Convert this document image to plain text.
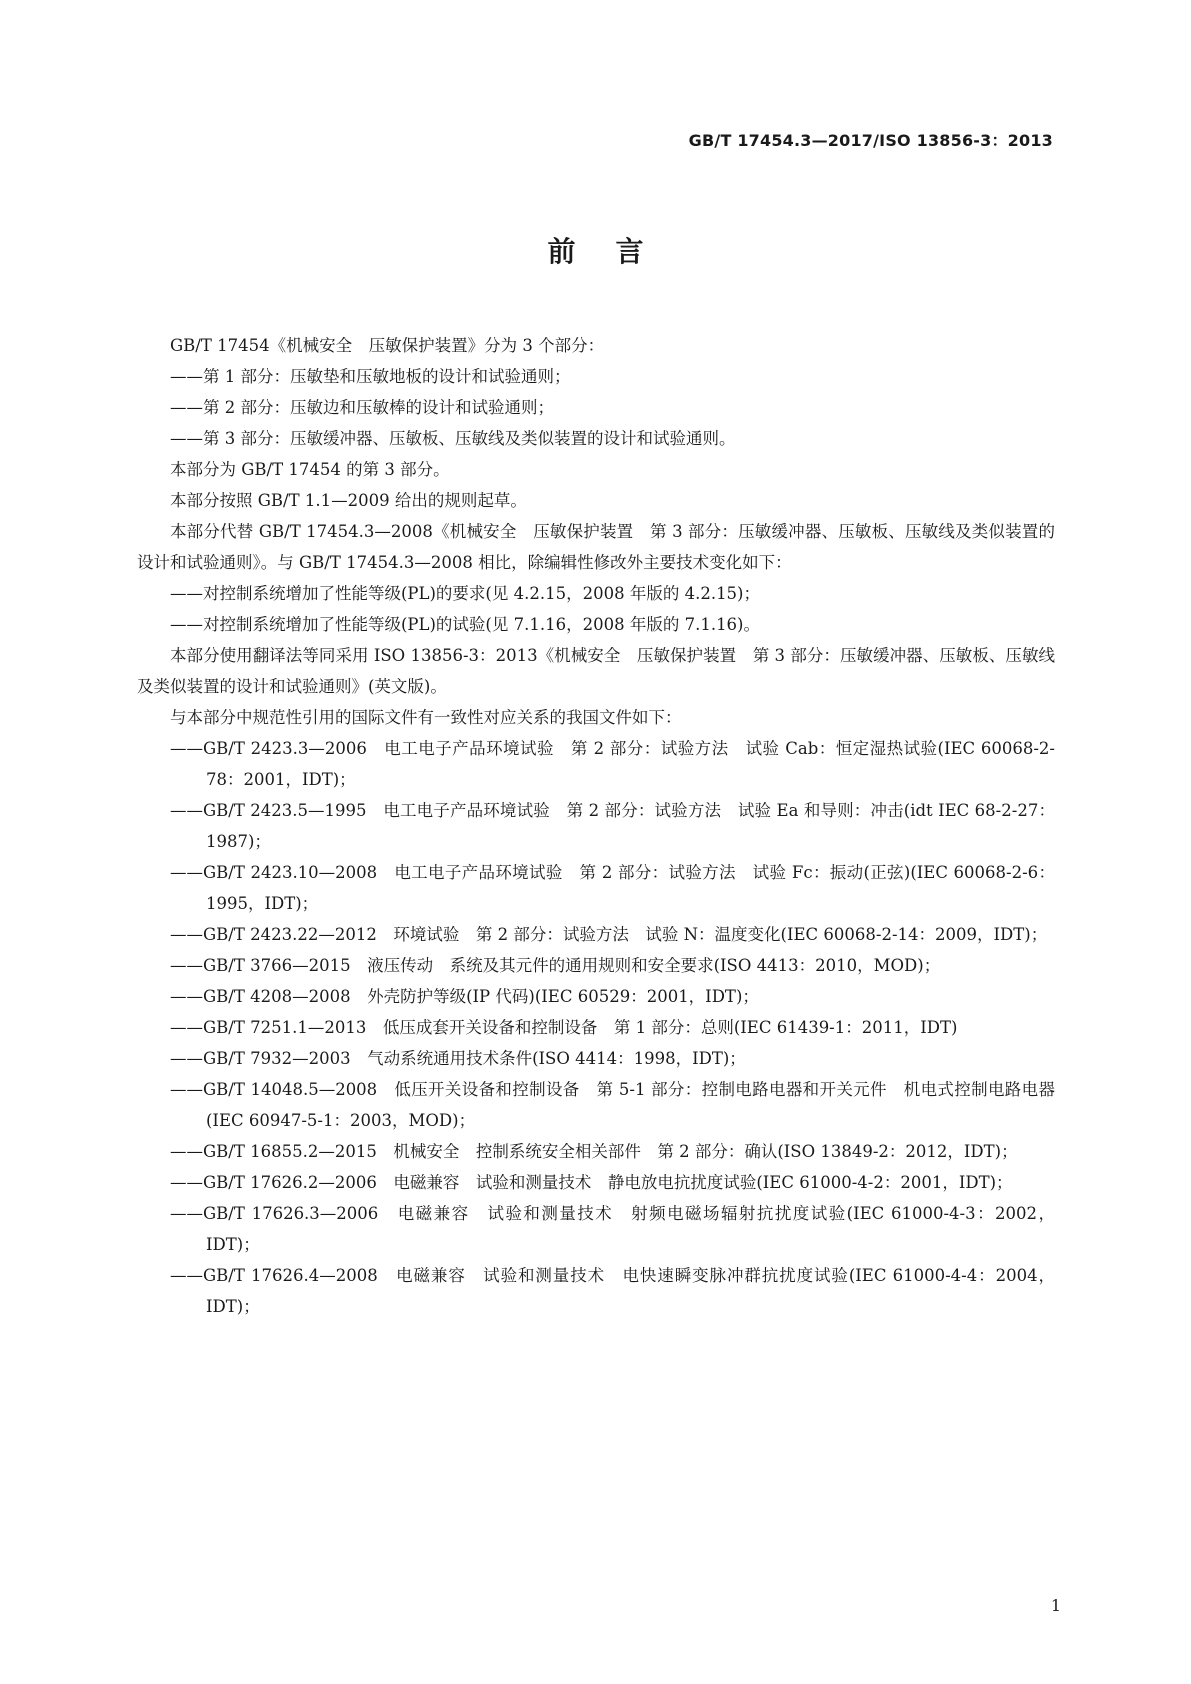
GB/T 17454.3—2017/ISO 13856-3：2013
前言

GB/T 17454《机械安全　压敏保护装置》分为 3 个部分：

——第 1 部分：压敏垫和压敏地板的设计和试验通则；

——第 2 部分：压敏边和压敏棒的设计和试验通则；

——第 3 部分：压敏缓冲器、压敏板、压敏线及类似装置的设计和试验通则。

本部分为 GB/T 17454 的第 3 部分。

本部分按照 GB/T 1.1—2009 给出的规则起草。

本部分代替 GB/T 17454.3—2008《机械安全　压敏保护装置　第 3 部分：压敏缓冲器、压敏板、压敏线及类似装置的设计和试验通则》。与 GB/T 17454.3—2008 相比，除编辑性修改外主要技术变化如下：

——对控制系统增加了性能等级(PL)的要求(见 4.2.15，2008 年版的 4.2.15)；

——对控制系统增加了性能等级(PL)的试验(见 7.1.16，2008 年版的 7.1.16)。

本部分使用翻译法等同采用 ISO 13856-3：2013《机械安全　压敏保护装置　第 3 部分：压敏缓冲器、压敏板、压敏线及类似装置的设计和试验通则》(英文版)。

与本部分中规范性引用的国际文件有一致性对应关系的我国文件如下：

——GB/T 2423.3—2006　电工电子产品环境试验　第 2 部分：试验方法　试验 Cab：恒定湿热试验(IEC 60068-2-78：2001，IDT)；

——GB/T 2423.5—1995　电工电子产品环境试验　第 2 部分：试验方法　试验 Ea 和导则：冲击(idt IEC 68-2-27：1987)；

——GB/T 2423.10—2008　电工电子产品环境试验　第 2 部分：试验方法　试验 Fc：振动(正弦)(IEC 60068-2-6：1995，IDT)；

——GB/T 2423.22—2012　环境试验　第 2 部分：试验方法　试验 N：温度变化(IEC 60068-2-14：2009，IDT)；

——GB/T 3766—2015　液压传动　系统及其元件的通用规则和安全要求(ISO 4413：2010，MOD)；

——GB/T 4208—2008　外壳防护等级(IP 代码)(IEC 60529：2001，IDT)；

——GB/T 7251.1—2013　低压成套开关设备和控制设备　第 1 部分：总则(IEC 61439-1：2011，IDT)

——GB/T 7932—2003　气动系统通用技术条件(ISO 4414：1998，IDT)；

——GB/T 14048.5—2008　低压开关设备和控制设备　第 5-1 部分：控制电路电器和开关元件　机电式控制电路电器(IEC 60947-5-1：2003，MOD)；

——GB/T 16855.2—2015　机械安全　控制系统安全相关部件　第 2 部分：确认(ISO 13849-2：2012，IDT)；

——GB/T 17626.2—2006　电磁兼容　试验和测量技术　静电放电抗扰度试验(IEC 61000-4-2：2001，IDT)；

——GB/T 17626.3—2006　电磁兼容　试验和测量技术　射频电磁场辐射抗扰度试验(IEC 61000-4-3：2002，IDT)；

——GB/T 17626.4—2008　电磁兼容　试验和测量技术　电快速瞬变脉冲群抗扰度试验(IEC 61000-4-4：2004，IDT)；

1
